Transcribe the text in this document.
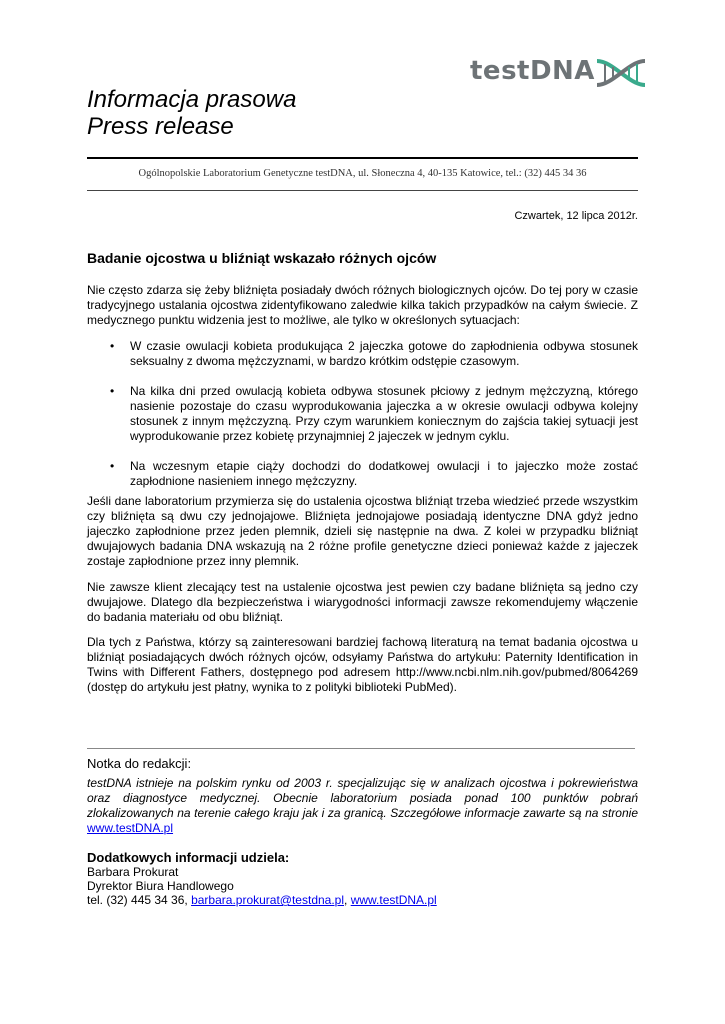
testDNA
Informacja prasowa
Press release
Ogólnopolskie Laboratorium Genetyczne testDNA, ul. Słoneczna 4, 40-135 Katowice, tel.: (32) 445 34 36
Czwartek, 12 lipca 2012r.
Badanie ojcostwa u bliźniąt wskazało różnych ojców

Nie często zdarza się żeby bliźnięta posiadały dwóch różnych biologicznych ojców. Do tej pory w czasie tradycyjnego ustalania ojcostwa zidentyfikowano zaledwie kilka takich przypadków na całym świecie. Z medycznego punktu widzenia jest to możliwe, ale tylko w określonych sytuacjach:

• W czasie owulacji kobieta produkująca 2 jajeczka gotowe do zapłodnienia odbywa stosunek seksualny z dwoma mężczyznami, w bardzo krótkim odstępie czasowym.
• Na kilka dni przed owulacją kobieta odbywa stosunek płciowy z jednym mężczyzną, którego nasienie pozostaje do czasu wyprodukowania jajeczka a w okresie owulacji odbywa kolejny stosunek z innym mężczyzną. Przy czym warunkiem koniecznym do zajścia takiej sytuacji jest wyprodukowanie przez kobietę przynajmniej 2 jajeczek w jednym cyklu.
• Na wczesnym etapie ciąży dochodzi do dodatkowej owulacji i to jajeczko może zostać zapłodnione nasieniem innego mężczyzny.

Jeśli dane laboratorium przymierza się do ustalenia ojcostwa bliźniąt trzeba wiedzieć przede wszystkim czy bliźnięta są dwu czy jednojajowe. Bliźnięta jednojajowe posiadają identyczne DNA gdyż jedno jajeczko zapłodnione przez jeden plemnik, dzieli się następnie na dwa. Z kolei w przypadku bliźniąt dwujajowych badania DNA wskazują na 2 różne profile genetyczne dzieci ponieważ każde z jajeczek zostaje zapłodnione przez inny plemnik.

Nie zawsze klient zlecający test na ustalenie ojcostwa jest pewien czy badane bliźnięta są jedno czy dwujajowe. Dlatego dla bezpieczeństwa i wiarygodności informacji zawsze rekomendujemy włączenie do badania materiału od obu bliźniąt.

Dla tych z Państwa, którzy są zainteresowani bardziej fachową literaturą na temat badania ojcostwa u bliźniąt posiadających dwóch różnych ojców, odsyłamy Państwa do artykułu: Paternity Identification in Twins with Different Fathers, dostępnego pod adresem http://www.ncbi.nlm.nih.gov/pubmed/8064269 (dostęp do artykułu jest płatny, wynika to z polityki biblioteki PubMed).

Notka do redakcji:

testDNA istnieje na polskim rynku od 2003 r. specjalizując się w analizach ojcostwa i pokrewieństwa oraz diagnostyce medycznej. Obecnie laboratorium posiada ponad 100 punktów pobrań zlokalizowanych na terenie całego kraju jak i za granicą. Szczegółowe informacje zawarte są na stronie www.testDNA.pl

Dodatkowych informacji udziela:
Barbara Prokurat
Dyrektor Biura Handlowego
tel. (32) 445 34 36, barbara.prokurat@testdna.pl, www.testDNA.pl
